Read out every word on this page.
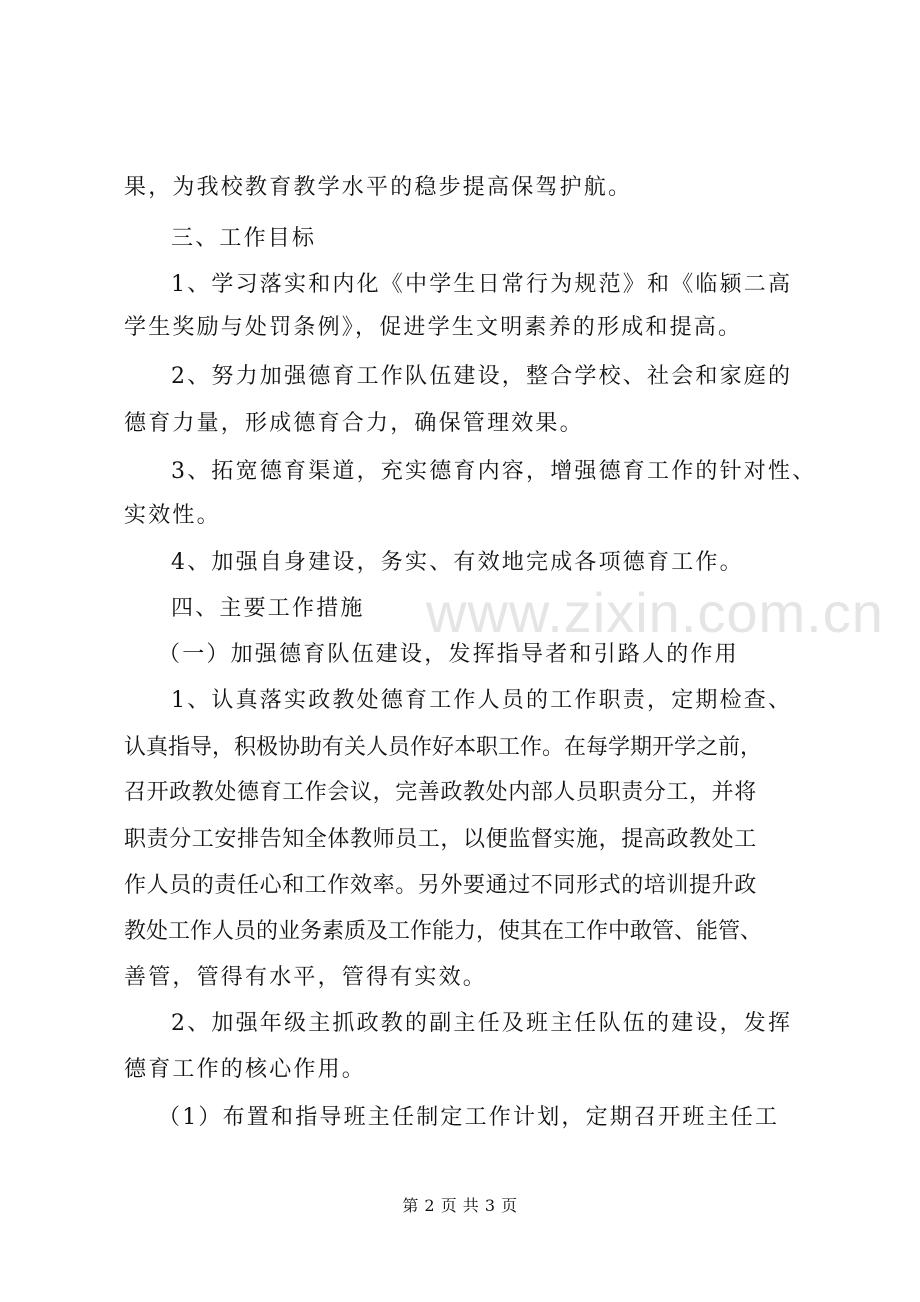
www.zixin.com.cn
果，为我校教育教学水平的稳步提高保驾护航。
三、工作目标
1、学习落实和内化《中学生日常行为规范》和《临颍二高
学生奖励与处罚条例》，促进学生文明素养的形成和提高。
2、努力加强德育工作队伍建设，整合学校、社会和家庭的
德育力量，形成德育合力，确保管理效果。
3、拓宽德育渠道，充实德育内容，增强德育工作的针对性、
实效性。
4、加强自身建设，务实、有效地完成各项德育工作。
四、主要工作措施
（一）加强德育队伍建设，发挥指导者和引路人的作用
1、认真落实政教处德育工作人员的工作职责，定期检查、
认真指导，积极协助有关人员作好本职工作。在每学期开学之前，
召开政教处德育工作会议，完善政教处内部人员职责分工，并将
职责分工安排告知全体教师员工，以便监督实施，提高政教处工
作人员的责任心和工作效率。另外要通过不同形式的培训提升政
教处工作人员的业务素质及工作能力，使其在工作中敢管、能管、
善管，管得有水平，管得有实效。
2、加强年级主抓政教的副主任及班主任队伍的建设，发挥
德育工作的核心作用。
（1）布置和指导班主任制定工作计划，定期召开班主任工
第 2 页 共 3 页
